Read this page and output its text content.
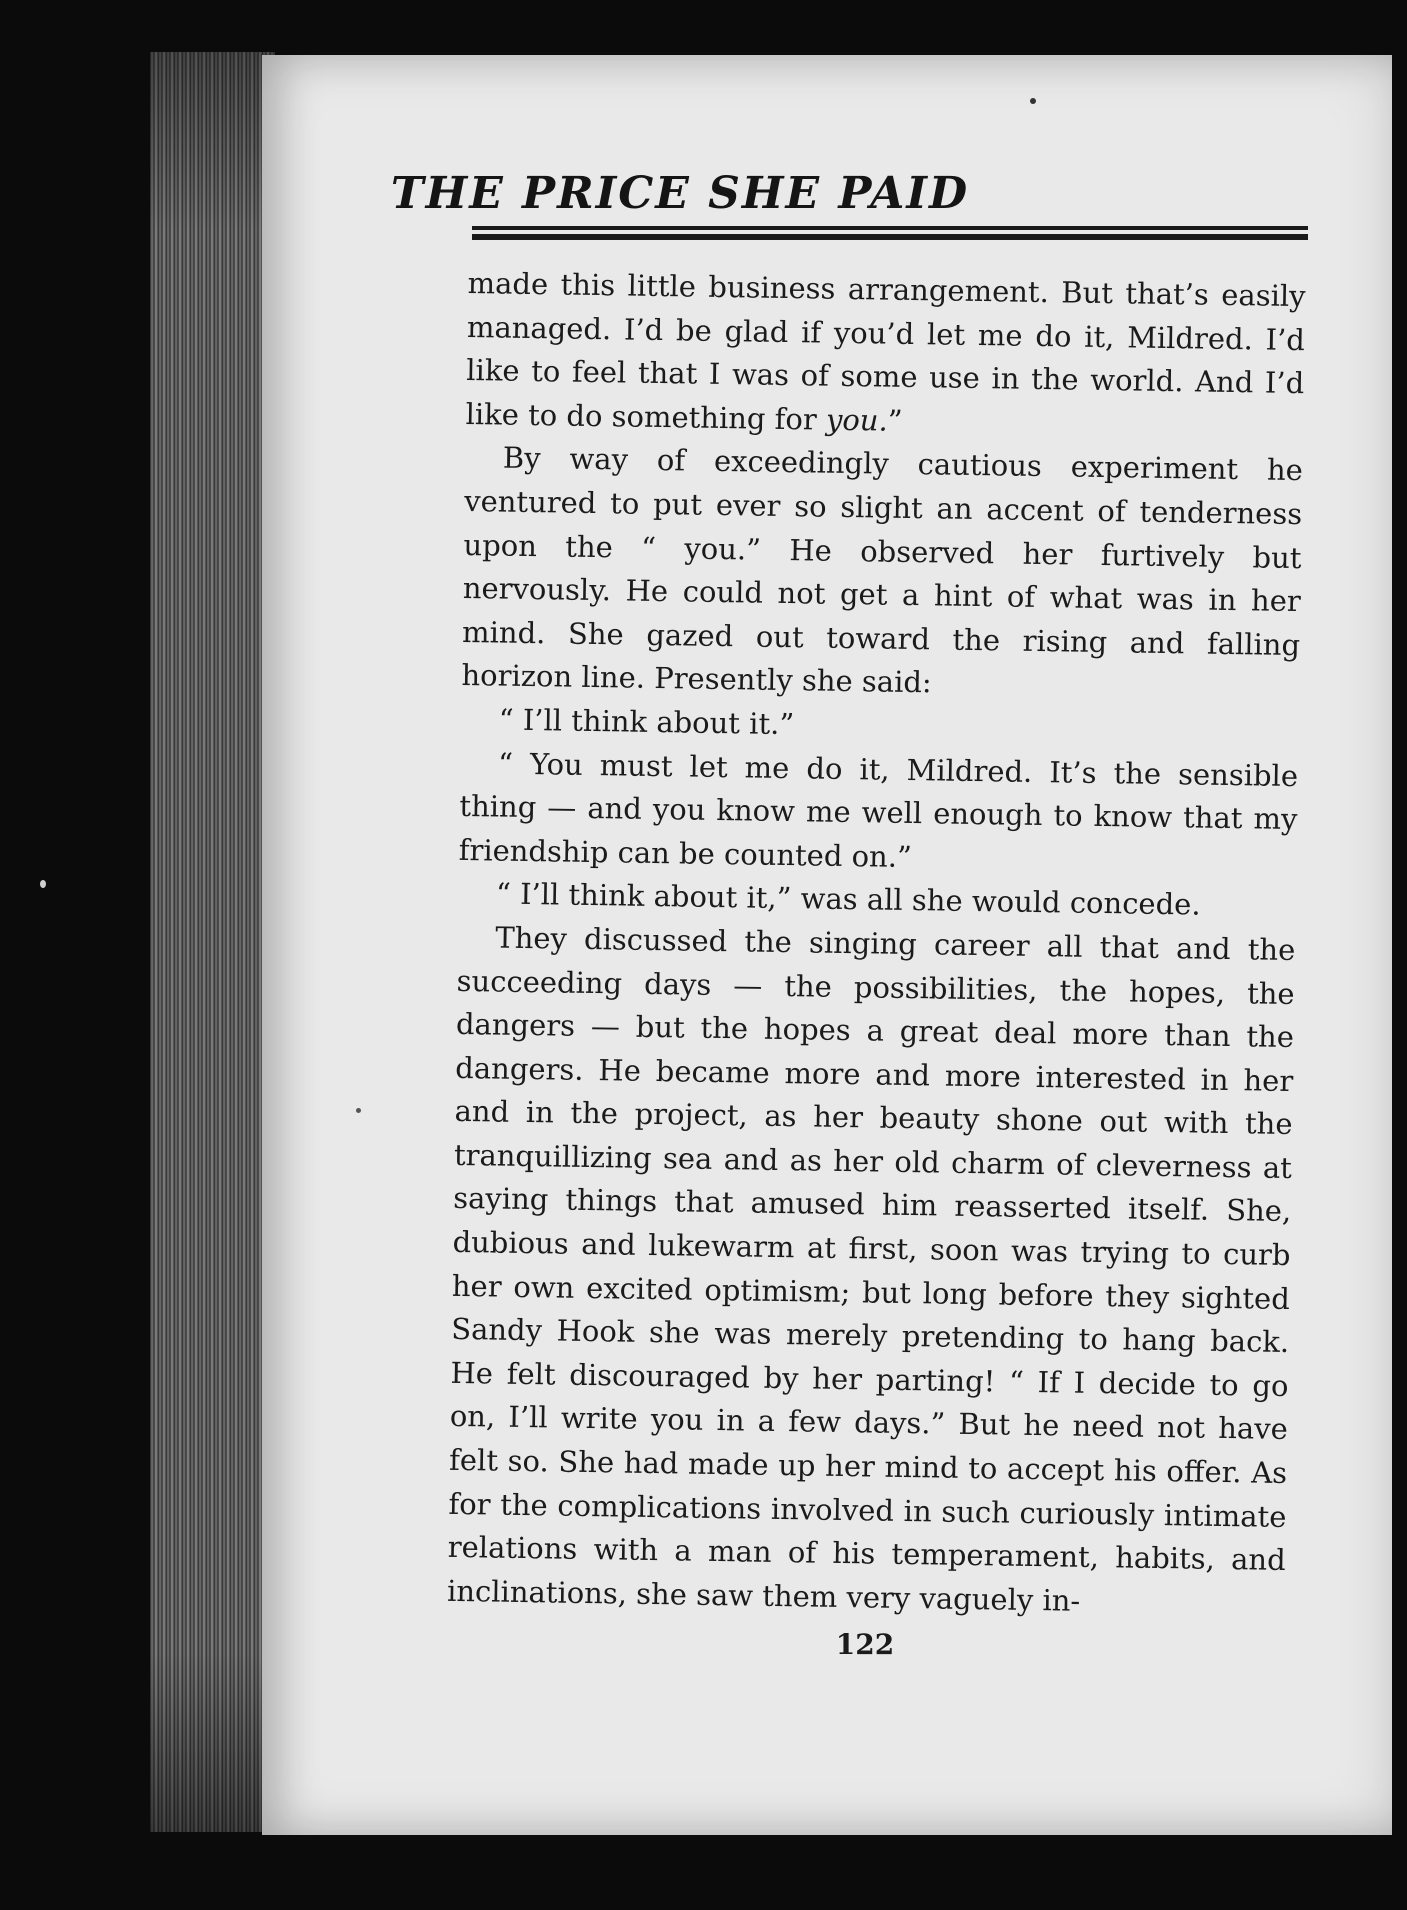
THE PRICE SHE PAID

made this little business arrangement. But that’s easily managed. I’d be glad if you’d let me do it, Mildred. I’d like to feel that I was of some use in the world. And I’d like to do something for you.”

By way of exceedingly cautious experiment he ventured to put ever so slight an accent of tenderness upon the “ you.” He observed her furtively but nervously. He could not get a hint of what was in her mind. She gazed out toward the rising and falling horizon line. Presently she said:

“ I’ll think about it.”

“ You must let me do it, Mildred. It’s the sensible thing — and you know me well enough to know that my friendship can be counted on.”

“ I’ll think about it,” was all she would concede.

They discussed the singing career all that and the succeeding days — the possibilities, the hopes, the dangers — but the hopes a great deal more than the dangers. He became more and more interested in her and in the project, as her beauty shone out with the tranquillizing sea and as her old charm of cleverness at saying things that amused him reasserted itself. She, dubious and lukewarm at first, soon was trying to curb her own excited optimism; but long before they sighted Sandy Hook she was merely pretending to hang back. He felt discouraged by her parting! “ If I decide to go on, I’ll write you in a few days.” But he need not have felt so. She had made up her mind to accept his offer. As for the complications involved in such curiously intimate relations with a man of his temperament, habits, and inclinations, she saw them very vaguely in-

122
